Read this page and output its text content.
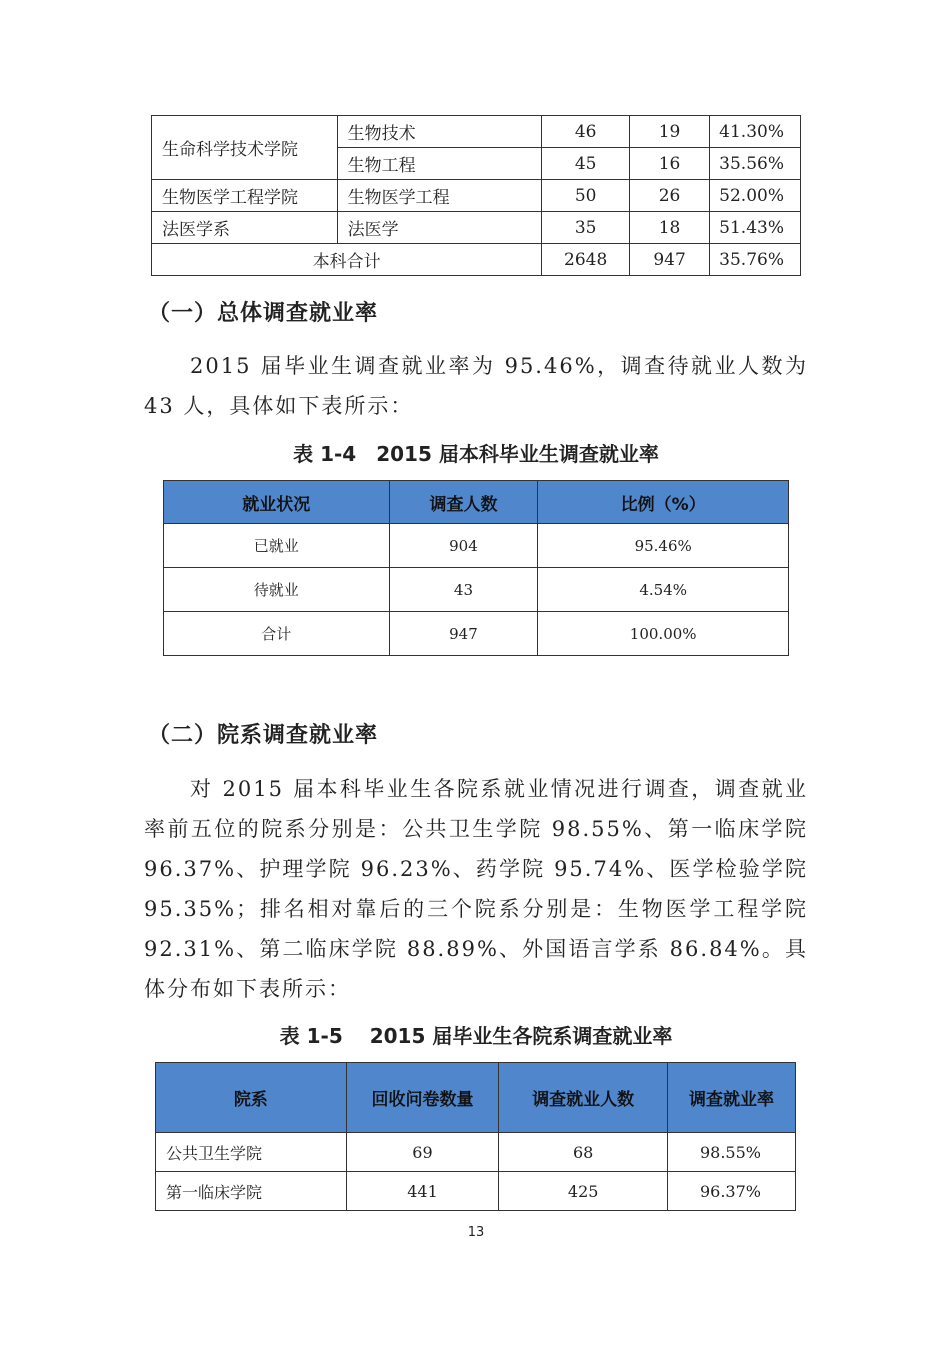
生命科学技术学院	生物技术	46	19	41.30%
	生物工程	45	16	35.56%
生物医学工程学院	生物医学工程	50	26	52.00%
法医学系	法医学	35	18	51.43%
本科合计		2648	947	35.76%
（一）总体调查就业率

2015 届毕业生调查就业率为 95.46%，调查待就业人数为 43 人，具体如下表所示：

表 1-4　2015 届本科毕业生调查就业率
就业状况	调查人数	比例（%）
已就业	904	95.46%
待就业	43	4.54%
合计	947	100.00%
（二）院系调查就业率

对 2015 届本科毕业生各院系就业情况进行调查，调查就业率前五位的院系分别是：公共卫生学院 98.55%、第一临床学院 96.37%、护理学院 96.23%、药学院 95.74%、医学检验学院 95.35%；排名相对靠后的三个院系分别是：生物医学工程学院 92.31%、第二临床学院 88.89%、外国语言学系 86.84%。具体分布如下表所示：

表 1-5　 2015 届毕业生各院系调查就业率
院系	回收问卷数量	调查就业人数	调查就业率
公共卫生学院	69	68	98.55%
第一临床学院	441	425	96.37%
13
